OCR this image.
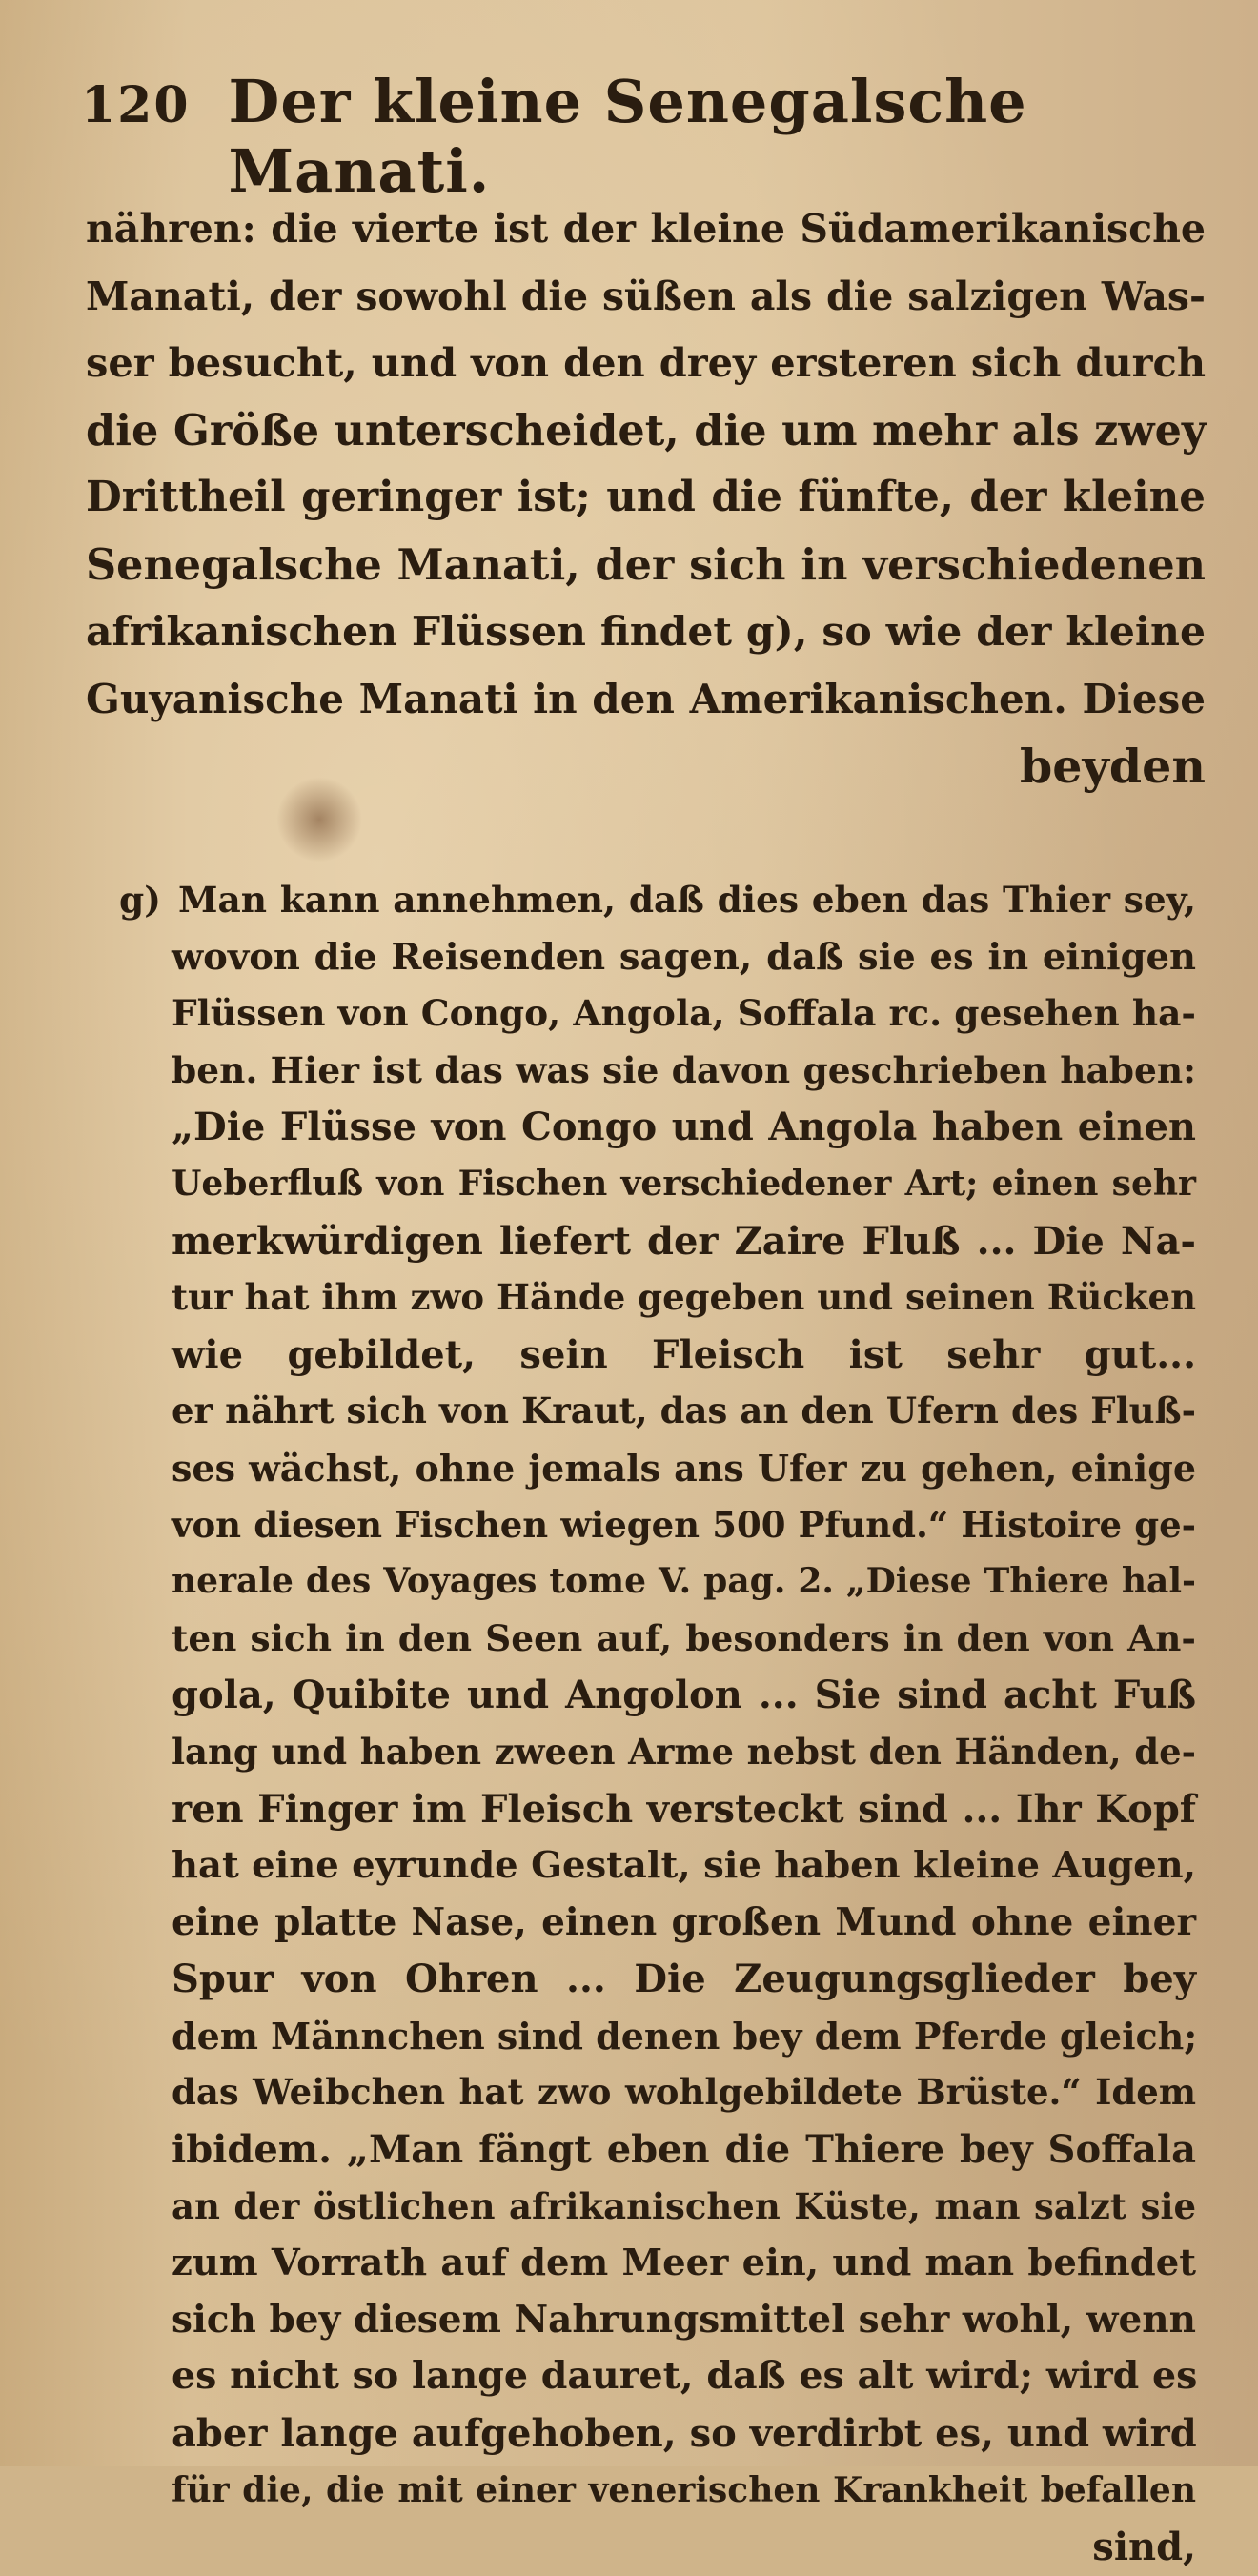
120 Der kleine Senegalsche Manati.
nähren: die vierte ist der kleine Südamerikanische
Manati, der sowohl die süßen als die salzigen Was-
ser besucht, und von den drey ersteren sich durch
die Größe unterscheidet, die um mehr als zwey
Drittheil geringer ist; und die fünfte, der kleine
Senegalsche Manati, der sich in verschiedenen
afrikanischen Flüssen findet g), so wie der kleine
Guyanische Manati in den Amerikanischen. Diese
beyden
g) Man kann annehmen, daß dies eben das Thier sey,
wovon die Reisenden sagen, daß sie es in einigen
Flüssen von Congo, Angola, Soffala rc. gesehen ha-
ben. Hier ist das was sie davon geschrieben haben:
„Die Flüsse von Congo und Angola haben einen
Ueberfluß von Fischen verschiedener Art; einen sehr
merkwürdigen liefert der Zaire Fluß ... Die Na-
tur hat ihm zwo Hände gegeben und seinen Rücken
wie gebildet, sein Fleisch ist sehr gut...
er nährt sich von Kraut, das an den Ufern des Fluß-
ses wächst, ohne jemals ans Ufer zu gehen, einige
von diesen Fischen wiegen 500 Pfund.“ Histoire ge-
nerale des Voyages tome V. pag. 2. „Diese Thiere hal-
ten sich in den Seen auf, besonders in den von An-
gola, Quibite und Angolon ... Sie sind acht Fuß
lang und haben zween Arme nebst den Händen, de-
ren Finger im Fleisch versteckt sind ... Ihr Kopf
hat eine eyrunde Gestalt, sie haben kleine Augen,
eine platte Nase, einen großen Mund ohne einer
Spur von Ohren ... Die Zeugungsglieder bey
dem Männchen sind denen bey dem Pferde gleich;
das Weibchen hat zwo wohlgebildete Brüste.“ Idem
ibidem. „Man fängt eben die Thiere bey Soffala
an der östlichen afrikanischen Küste, man salzt sie
zum Vorrath auf dem Meer ein, und man befindet
sich bey diesem Nahrungsmittel sehr wohl, wenn
es nicht so lange dauret, daß es alt wird; wird es
aber lange aufgehoben, so verdirbt es, und wird
für die, die mit einer venerischen Krankheit befallen
sind,
